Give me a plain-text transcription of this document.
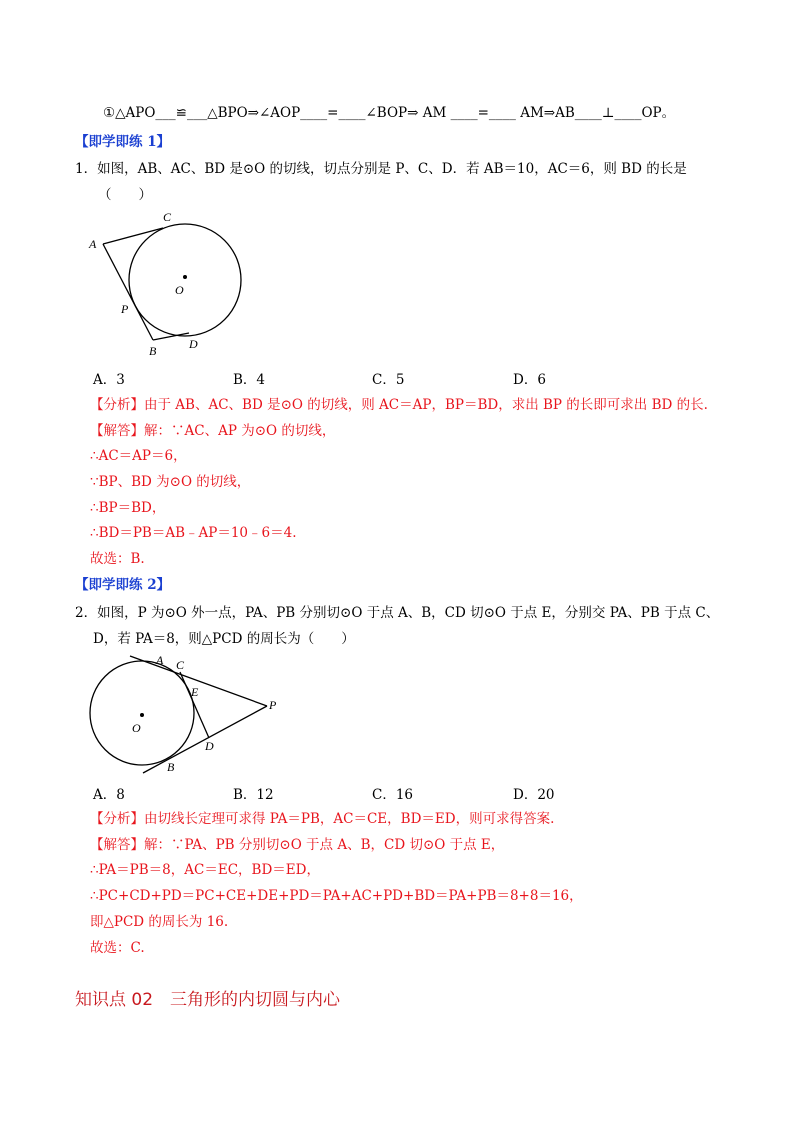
①△APO___≌___△BPO⇒∠AOP____=____∠BOP⇒ AM ____=____ AM⇒AB____⊥____OP。
【即学即练 1】
1．如图，AB、AC、BD 是⊙O 的切线，切点分别是 P、C、D．若 AB＝10，AC＝6，则 BD 的长是
（　　）
A
C
O
P
B	D
A．3	B．4	C．5	D．6
【分析】由于 AB、AC、BD 是⊙O 的切线，则 AC＝AP，BP＝BD，求出 BP 的长即可求出 BD 的长.
【解答】解：∵AC、AP 为⊙O 的切线，
∴AC＝AP＝6，
∵BP、BD 为⊙O 的切线，
∴BP＝BD，
∴BD＝PB＝AB﹣AP＝10﹣6＝4.
故选：B.
【即学即练 2】
2．如图，P 为⊙O 外一点，PA、PB 分别切⊙O 于点 A、B，CD 切⊙O 于点 E，分别交 PA、PB 于点 C、
D，若 PA＝8，则△PCD 的周长为（　　）
A C
E
P
O
D
B
A．8	B．12	C．16	D．20
【分析】由切线长定理可求得 PA＝PB，AC＝CE，BD＝ED，则可求得答案.
【解答】解：∵PA、PB 分别切⊙O 于点 A、B，CD 切⊙O 于点 E，
∴PA＝PB＝8，AC＝EC，BD＝ED，
∴PC+CD+PD＝PC+CE+DE+PD＝PA+AC+PD+BD＝PA+PB＝8+8＝16，
即△PCD 的周长为 16.
故选：C.
知识点 02　三角形的内切圆与内心
